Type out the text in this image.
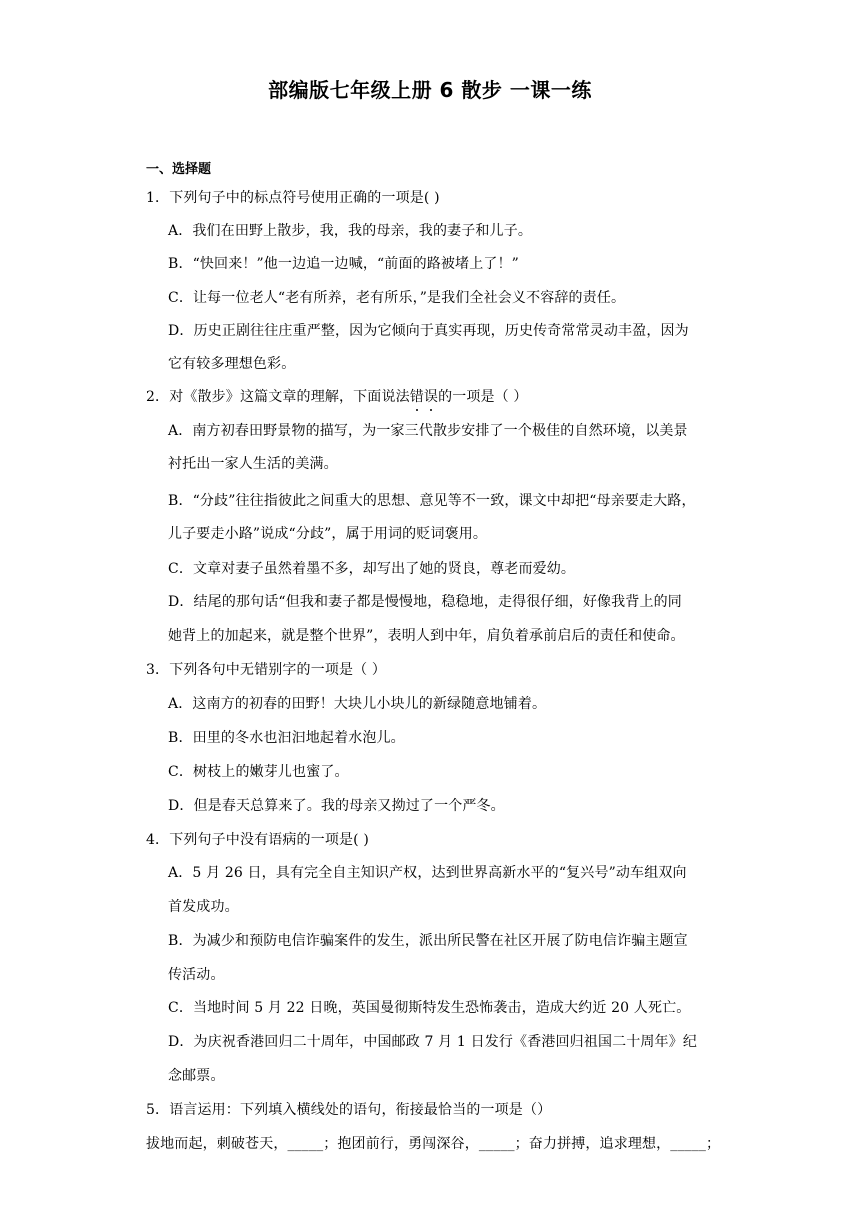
部编版七年级上册 6 散步 一课一练
一、选择题
1．下列句子中的标点符号使用正确的一项是( )
A．我们在田野上散步，我，我的母亲，我的妻子和儿子。
B．“快回来！”他一边追一边喊，“前面的路被堵上了！”
C．让每一位老人“老有所养，老有所乐，”是我们全社会义不容辞的责任。
D．历史正剧往往庄重严整，因为它倾向于真实再现，历史传奇常常灵动丰盈，因为
它有较多理想色彩。
2．对《散步》这篇文章的理解，下面说法错误的一项是（ ）
A．南方初春田野景物的描写，为一家三代散步安排了一个极佳的自然环境，以美景
衬托出一家人生活的美满。
B．“分歧”往往指彼此之间重大的思想、意见等不一致，课文中却把“母亲要走大路，
儿子要走小路”说成“分歧”，属于用词的贬词褒用。
C．文章对妻子虽然着墨不多，却写出了她的贤良，尊老而爱幼。
D．结尾的那句话“但我和妻子都是慢慢地，稳稳地，走得很仔细，好像我背上的同
她背上的加起来，就是整个世界”，表明人到中年，肩负着承前启后的责任和使命。
3．下列各句中无错别字的一项是（ ）
A．这南方的初春的田野！大块儿小块儿的新绿随意地铺着。
B．田里的冬水也汩汩地起着水泡儿。
C．树枝上的嫩芽儿也蜜了。
D．但是春天总算来了。我的母亲又拗过了一个严冬。
4．下列句子中没有语病的一项是( )
A．5 月 26 日，具有完全自主知识产权，达到世界高新水平的“复兴号”动车组双向
首发成功。
B．为减少和预防电信诈骗案件的发生，派出所民警在社区开展了防电信诈骗主题宣
传活动。
C．当地时间 5 月 22 日晚，英国曼彻斯特发生恐怖袭击，造成大约近 20 人死亡。
D．为庆祝香港回归二十周年，中国邮政 7 月 1 日发行《香港回归祖国二十周年》纪
念邮票。
5．语言运用：下列填入横线处的语句，衔接最恰当的一项是（）
拔地而起，刺破苍天，_____；抱团前行，勇闯深谷，_____；奋力拼搏，追求理想，_____；
